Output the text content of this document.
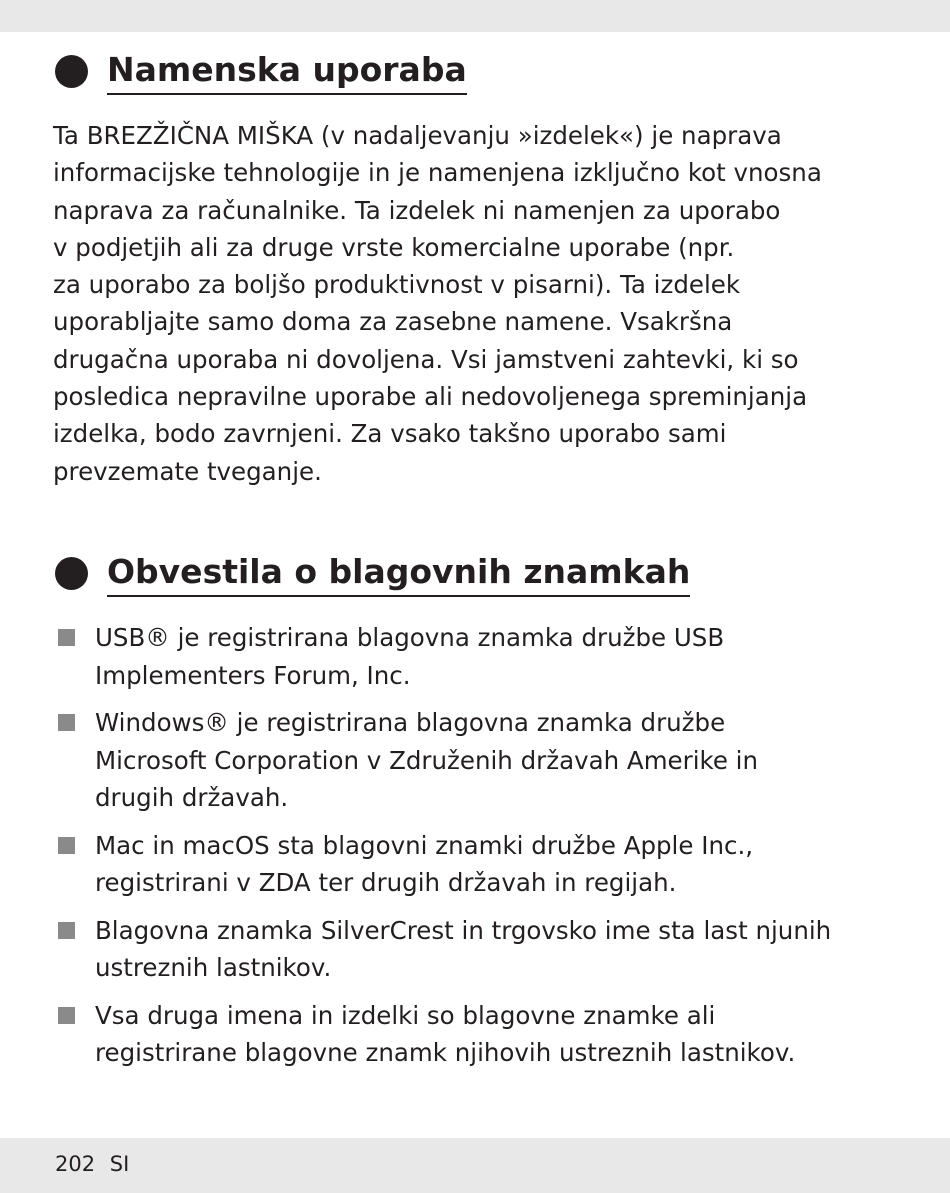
Namenska uporaba

Ta BREZŽIČNA MIŠKA (v nadaljevanju »izdelek«) je naprava
informacijske tehnologije in je namenjena izključno kot vnosna
naprava za računalnike. Ta izdelek ni namenjen za uporabo
v podjetjih ali za druge vrste komercialne uporabe (npr.
za uporabo za boljšo produktivnost v pisarni). Ta izdelek
uporabljajte samo doma za zasebne namene. Vsakršna
drugačna uporaba ni dovoljena. Vsi jamstveni zahtevki, ki so
posledica nepravilne uporabe ali nedovoljenega spreminjanja
izdelka, bodo zavrnjeni. Za vsako takšno uporabo sami
prevzemate tveganje.

Obvestila o blagovnih znamkah
USB® je registrirana blagovna znamka družbe USB
Implementers Forum, Inc.
Windows® je registrirana blagovna znamka družbe
Microsoft Corporation v Združenih državah Amerike in
drugih državah.
Mac in macOS sta blagovni znamki družbe Apple Inc.,
registrirani v ZDA ter drugih državah in regijah.
Blagovna znamka SilverCrest in trgovsko ime sta last njunih
ustreznih lastnikov.
Vsa druga imena in izdelki so blagovne znamke ali
registrirane blagovne znamk njihovih ustreznih lastnikov.
202 SI
